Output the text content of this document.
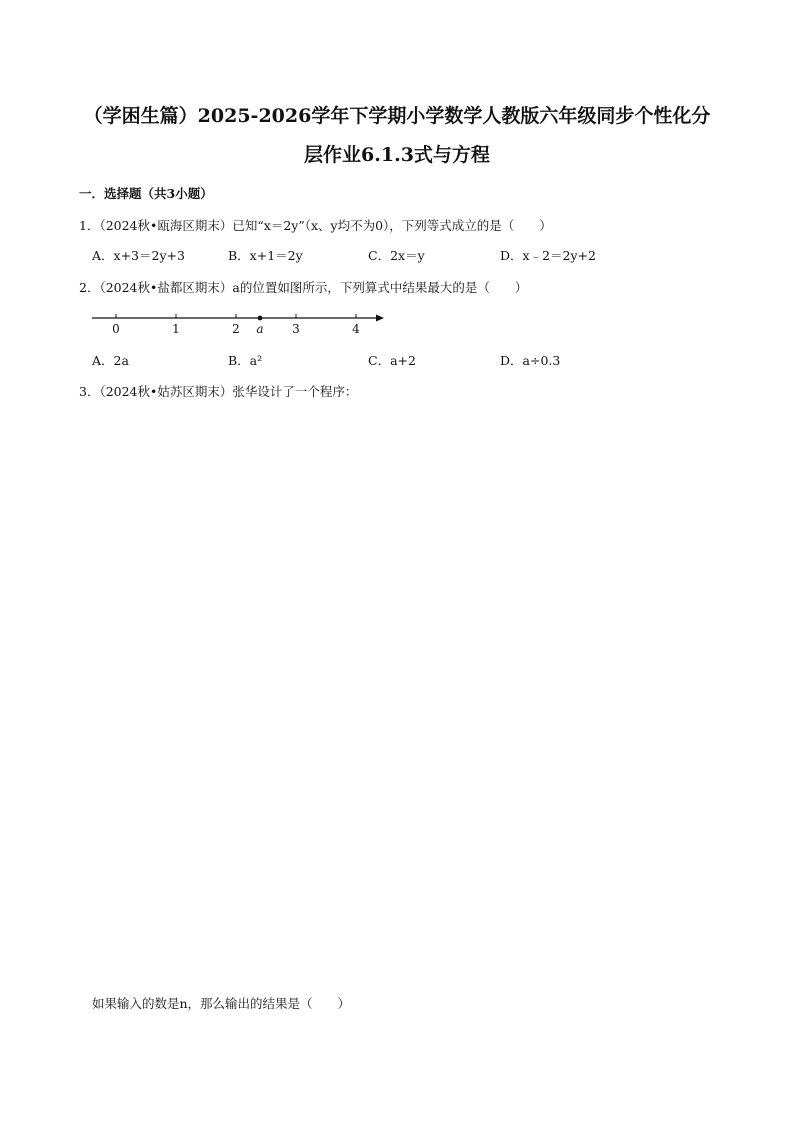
（学困生篇）2025-2026学年下学期小学数学人教版六年级同步个性化分
层作业6.1.3式与方程
一．选择题（共3小题）
1．（2024秋•瓯海区期末）已知“x＝2y”（x、y均不为0），下列等式成立的是（　　）
A．x+3＝2y+3	B．x+1＝2y	C．2x＝y	D．x﹣2＝2y+2
2．（2024秋•盐都区期末）a的位置如图所示，下列算式中结果最大的是（　　）
0	1	2	3	4
a
A．2a	B．a²	C．a+2	D．a÷0.3
3．（2024秋•姑苏区期末）张华设计了一个程序：
如果输入的数是n，那么输出的结果是（　　）
